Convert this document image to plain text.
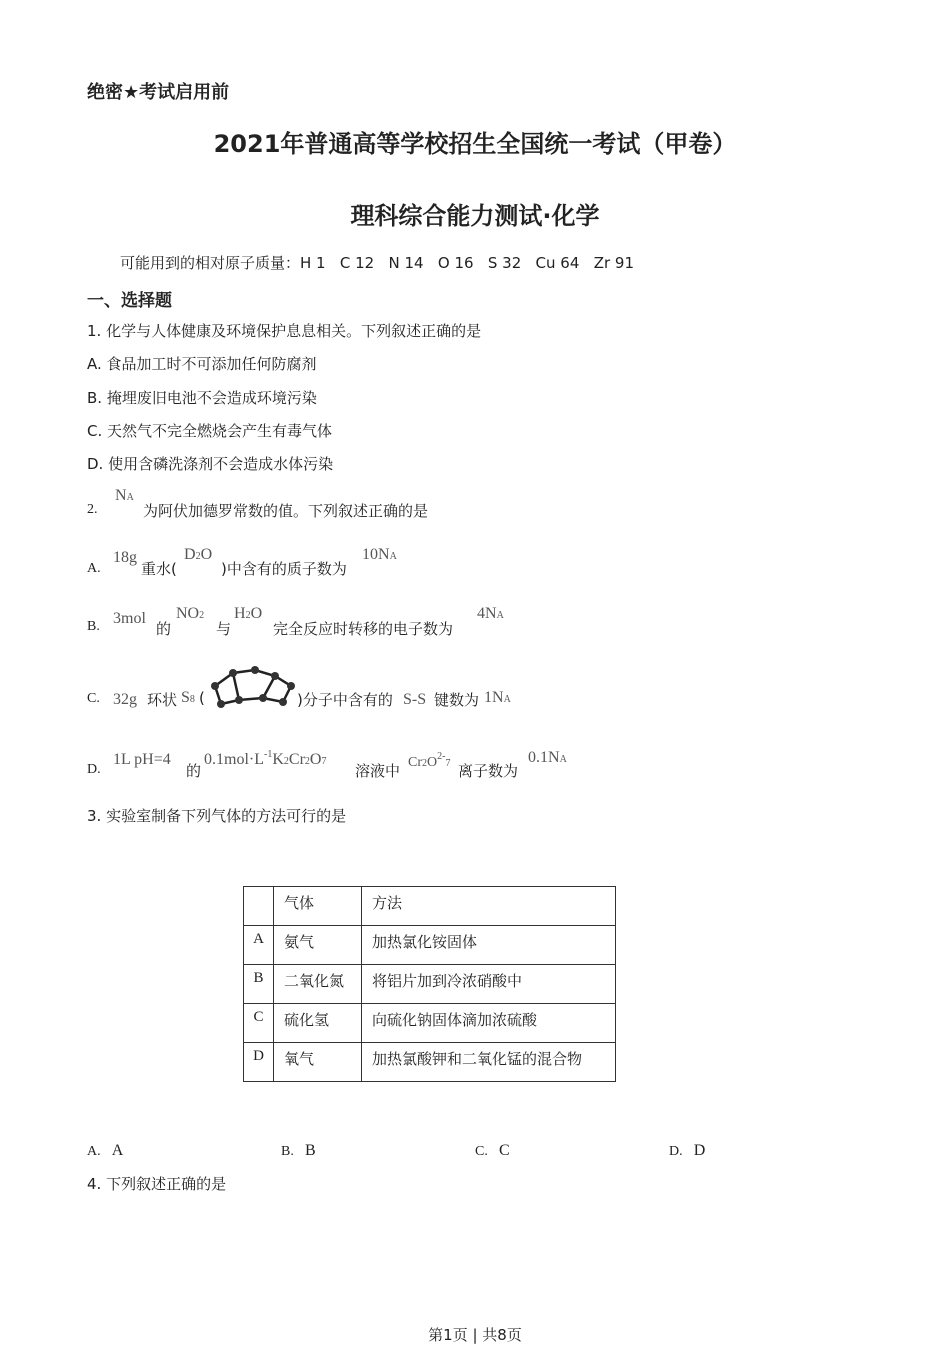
绝密★考试启用前
2021年普通高等学校招生全国统一考试（甲卷）
理科综合能力测试·化学
可能用到的相对原子质量：H 1   C 12   N 14   O 16   S 32   Cu 64   Zr 91
一、选择题
1. 化学与人体健康及环境保护息息相关。下列叙述正确的是
A. 食品加工时不可添加任何防腐剂
B. 掩埋废旧电池不会造成环境污染
C. 天然气不完全燃烧会产生有毒气体
D. 使用含磷洗涤剂不会造成水体污染
2.
NA
为阿伏加德罗常数的值。下列叙述正确的是
A.
18g
重水(
D2O
)中含有的质子数为
10NA
B. 3mol
的
NO2
与
H2O
完全反应时转移的电子数为
4NA
C. 32g 环状 S8 (	)分子中含有的 S-S 键数为 1NA
D.
1L pH=4
的
$0.1mol\cdot L^{-1}K2Cr2O7$
溶液中 $Cr2O^{2-}7$ 离子数为
0.1NA
3. 实验室制备下列气体的方法可行的是
	气体	方法
A	氨气	加热氯化铵固体
B	二氧化氮	将铝片加到冷浓硝酸中
C	硫化氢	向硫化钠固体滴加浓硫酸
D	氧气	加热氯酸钾和二氧化锰的混合物
A. A	B. B	C. C	D. D
4. 下列叙述正确的是
第1页 | 共8页
